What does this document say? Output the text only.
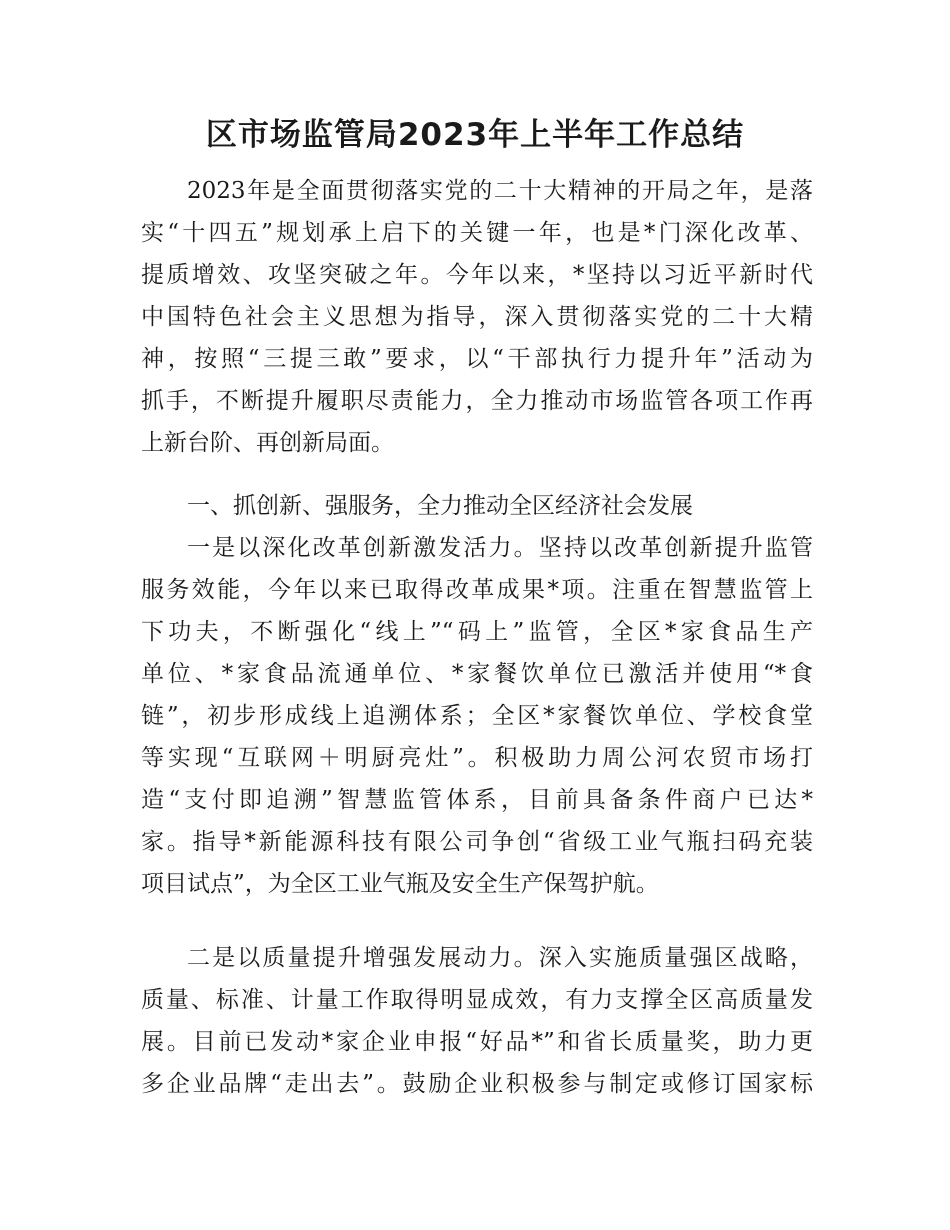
区市场监管局2023年上半年工作总结
2023年是全面贯彻落实党的二十大精神的开局之年，是落
实“十四五”规划承上启下的关键一年，也是*门深化改革、
提质增效、攻坚突破之年。今年以来，*坚持以习近平新时代
中国特色社会主义思想为指导，深入贯彻落实党的二十大精
神，按照“三提三敢”要求，以“干部执行力提升年”活动为
抓手，不断提升履职尽责能力，全力推动市场监管各项工作再
上新台阶、再创新局面。
一、抓创新、强服务，全力推动全区经济社会发展
一是以深化改革创新激发活力。坚持以改革创新提升监管
服务效能，今年以来已取得改革成果*项。注重在智慧监管上
下功夫，不断强化“线上”“码上”监管，全区*家食品生产
单位、*家食品流通单位、*家餐饮单位已激活并使用“*食
链”，初步形成线上追溯体系；全区*家餐饮单位、学校食堂
等实现“互联网＋明厨亮灶”。积极助力周公河农贸市场打
造“支付即追溯”智慧监管体系，目前具备条件商户已达*
家。指导*新能源科技有限公司争创“省级工业气瓶扫码充装
项目试点”，为全区工业气瓶及安全生产保驾护航。
二是以质量提升增强发展动力。深入实施质量强区战略，
质量、标准、计量工作取得明显成效，有力支撑全区高质量发
展。目前已发动*家企业申报“好品*”和省长质量奖，助力更
多企业品牌“走出去”。鼓励企业积极参与制定或修订国家标
